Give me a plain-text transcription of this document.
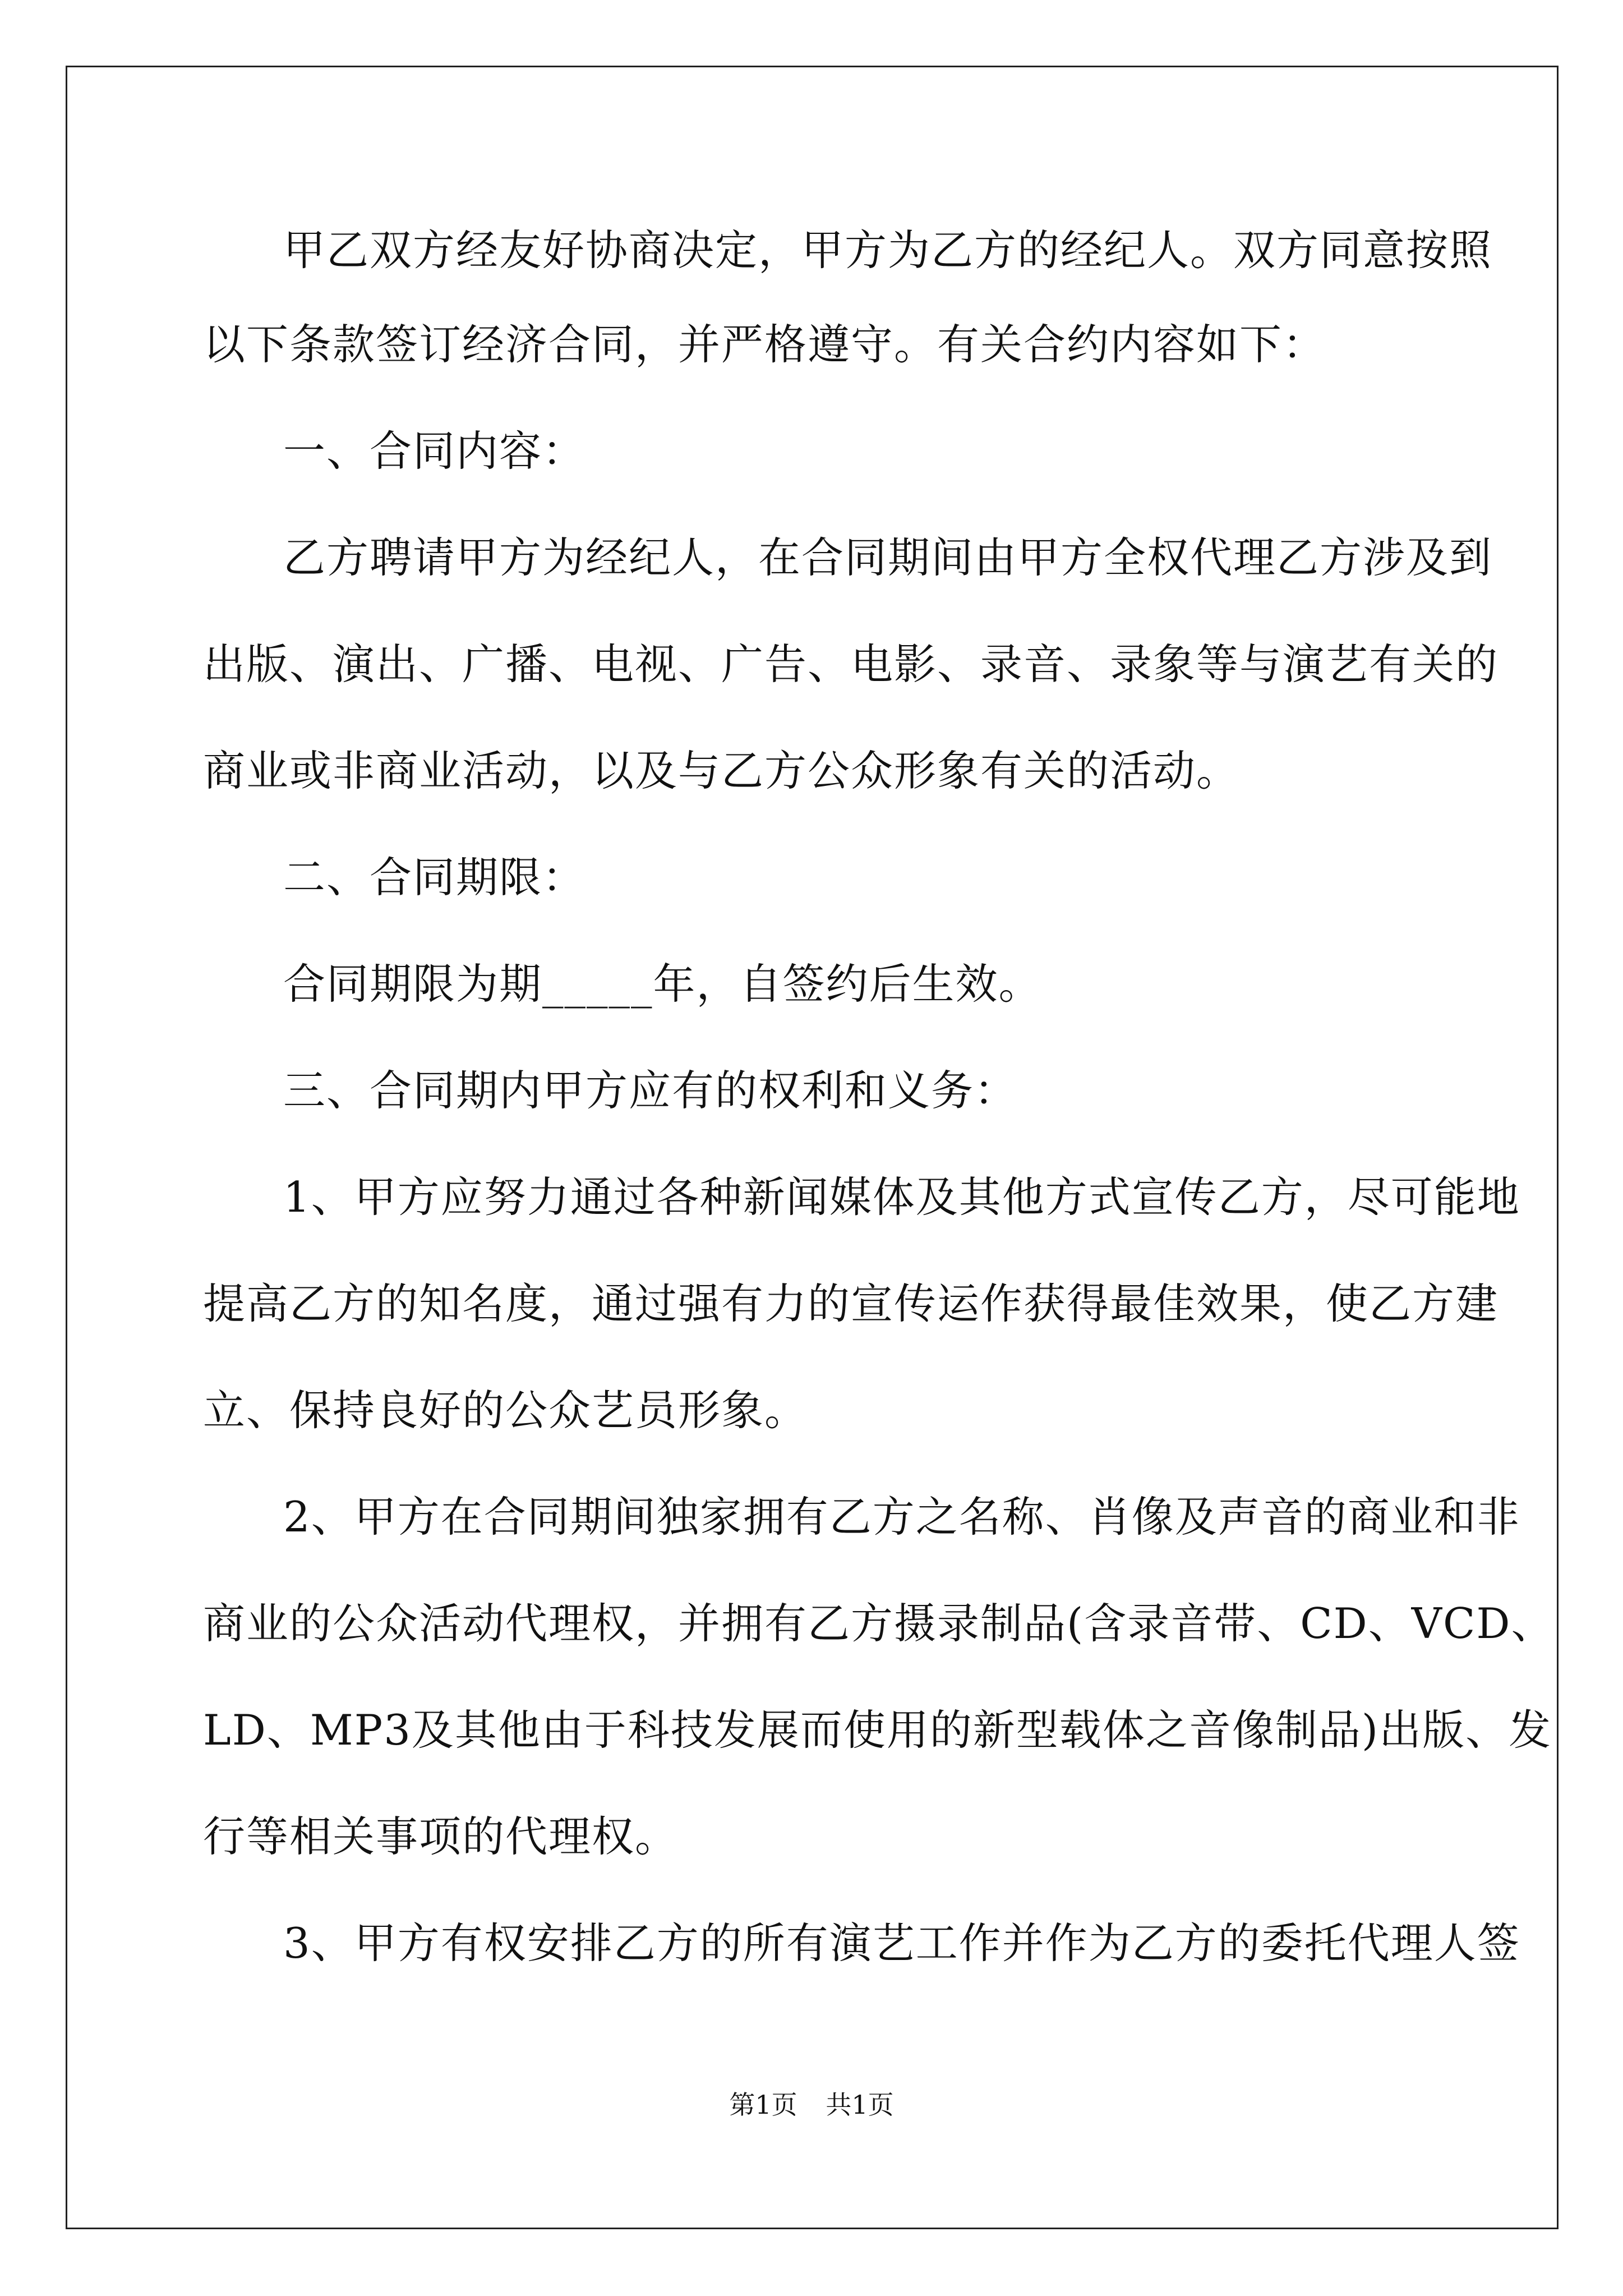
甲乙双方经友好协商决定，甲方为乙方的经纪人。双方同意按照
以下条款签订经济合同，并严格遵守。有关合约内容如下：
一、合同内容：
乙方聘请甲方为经纪人，在合同期间由甲方全权代理乙方涉及到
出版、演出、广播、电视、广告、电影、录音、录象等与演艺有关的
商业或非商业活动，以及与乙方公众形象有关的活动。
二、合同期限：
合同期限为期_____年，自签约后生效。
三、合同期内甲方应有的权利和义务：
1、甲方应努力通过各种新闻媒体及其他方式宣传乙方，尽可能地
提高乙方的知名度，通过强有力的宣传运作获得最佳效果，使乙方建
立、保持良好的公众艺员形象。
2、甲方在合同期间独家拥有乙方之名称、肖像及声音的商业和非
商业的公众活动代理权，并拥有乙方摄录制品(含录音带、CD、VCD、
LD、MP3及其他由于科技发展而使用的新型载体之音像制品)出版、发
行等相关事项的代理权。
3、甲方有权安排乙方的所有演艺工作并作为乙方的委托代理人签
第1页 共1页
